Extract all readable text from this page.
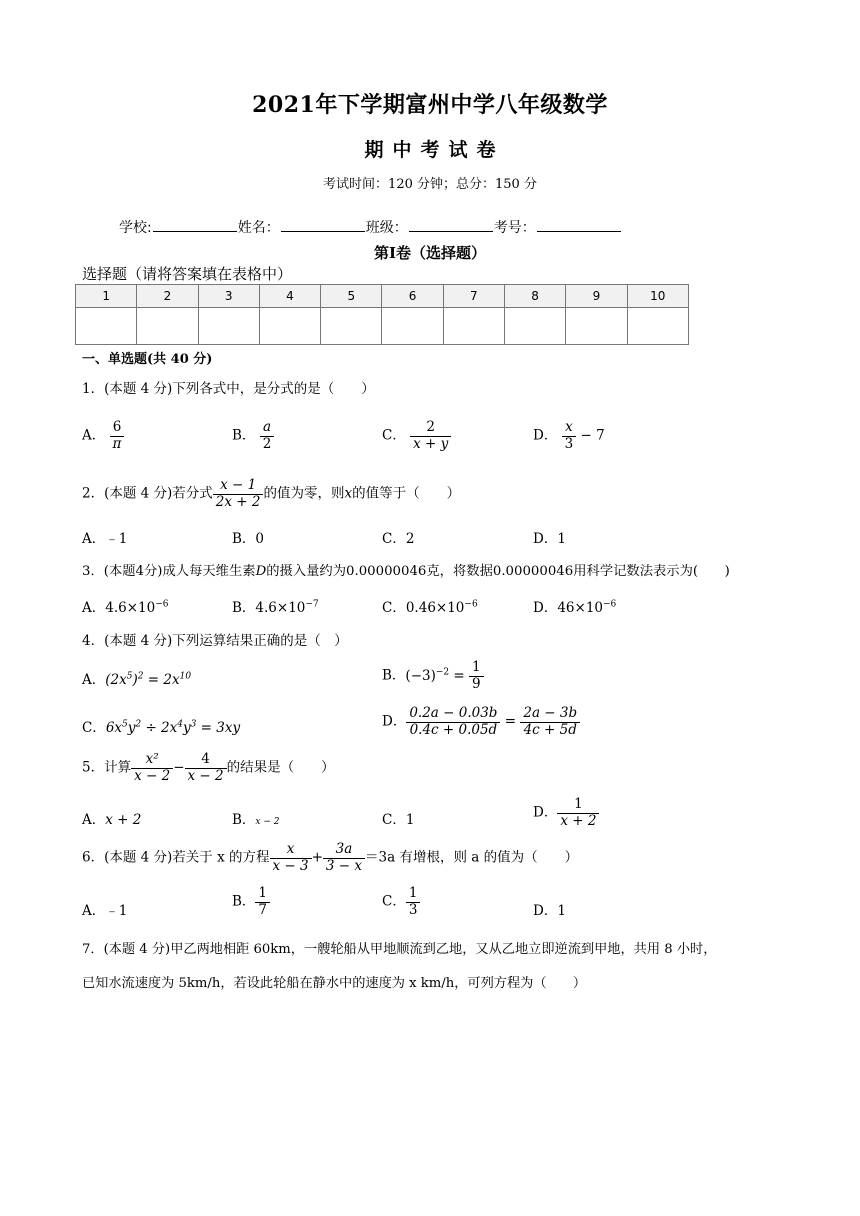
2021年下学期富州中学八年级数学
期中考试卷
考试时间：120 分钟；总分：150 分
学校:	姓名：	班级：	考号：
第Ⅰ卷（选择题）
选择题（请将答案填在表格中）
1	2	3	4	5	6	7	8	9	10

一、单选题(共 40 分)
1．(本题 4 分)下列各式中，是分式的是（　　）
A． $\frac{6}{\pi}$	B． $\frac{a}{2}$	C． $\frac{2}{x + y}$	D． $\frac{x}{3} - 7$
2．(本题 4 分)若分式 $\frac{x - 1}{2x + 2}$ 的值为零，则x的值等于（　　）
A．﹣1	B．0	C．2	D．1
3．(本题4分)成人每天维生素D的摄入量约为0.00000046克，将数据0.00000046用科学记数法表示为(　　)
A．$4.6\times 10^{-6}$	B．$4.6\times 10^{-7}$	C．$0.46\times 10^{-6}$	D．$46\times 10^{-6}$
4．(本题 4 分)下列运算结果正确的是（　）
A．$(2x^5)^2 = 2x^{10}$	B．$(-3)^{-2} = \frac{1}{9}$
C．$6x^5y^2 \div 2x^4y^3 = 3xy$	D． $\frac{0.2a - 0.03b}{0.4c + 0.05d} = \frac{2a - 3b}{4c + 5d}$
5．计算 $\frac{\text{x²}}{x - 2} - \frac{4}{x - 2}$ 的结果是（　　）
A．x + 2	B．x − 2	C．1	D． $\frac{1}{x + 2}$
6．(本题 4 分)若关于 x 的方程 $\frac{x}{x - 3} + \frac{3a}{3 - x} =3a$ 有增根，则 a 的值为（　　）
A．﹣1
B． $\frac{1}{7}$	C． $\frac{1}{3}$	D．1
7．(本题 4 分)甲乙两地相距 60km，一艘轮船从甲地顺流到乙地，又从乙地立即逆流到甲地，共用 8 小时，
已知水流速度为 5km/h，若设此轮船在静水中的速度为 x km/h，可列方程为（　　）
